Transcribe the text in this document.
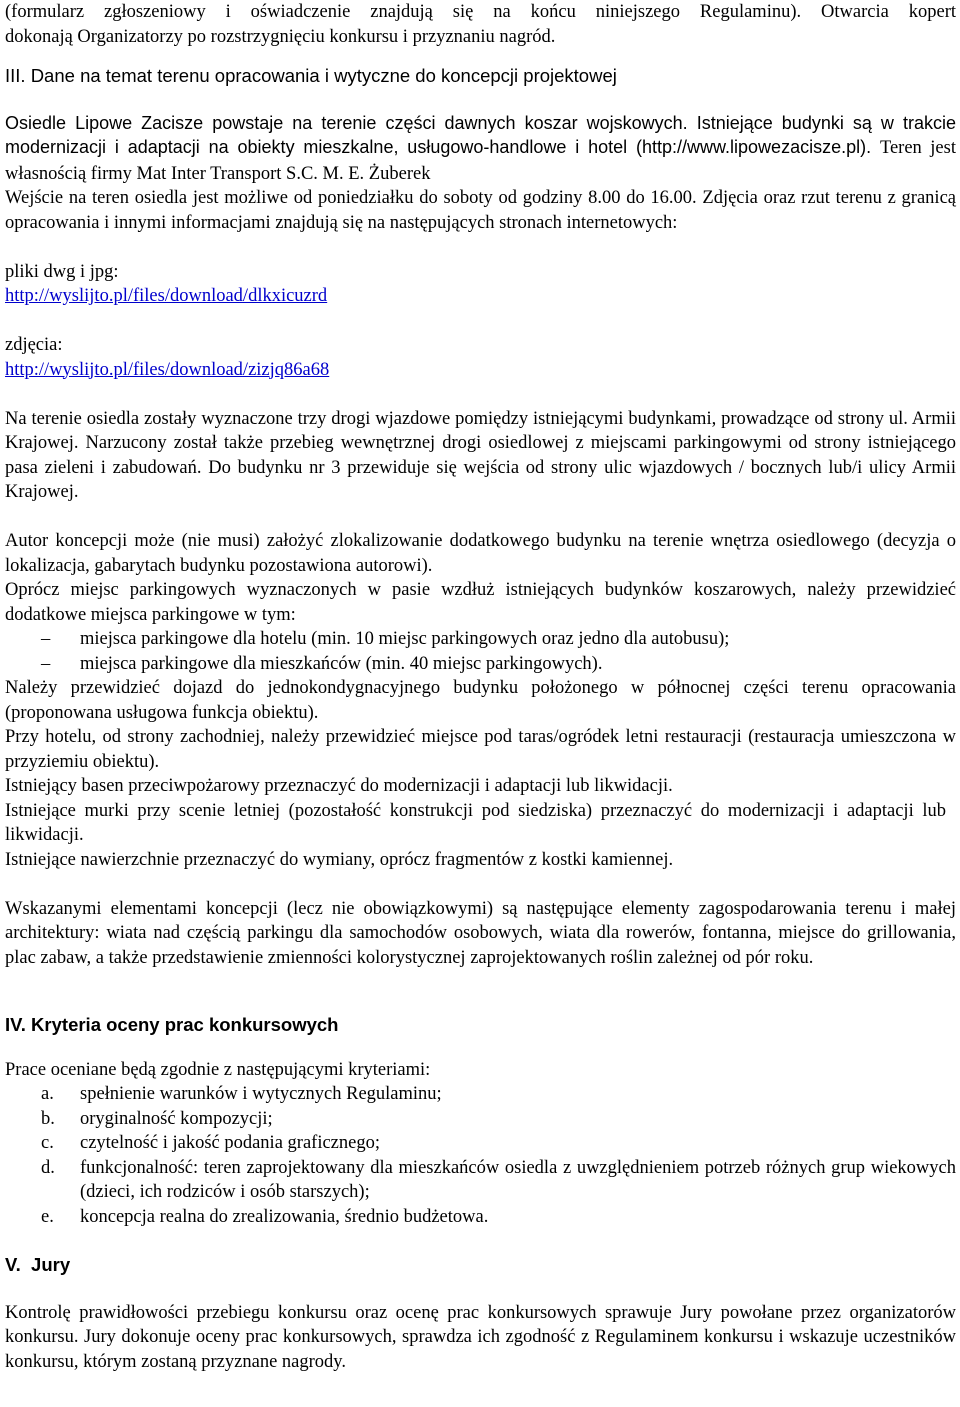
(formularz zgłoszeniowy i oświadczenie znajdują się na końcu niniejszego Regulaminu). Otwarcia kopert

dokonają Organizatorzy po rozstrzygnięciu konkursu i przyznaniu nagród.

III. Dane na temat terenu opracowania i wytyczne do koncepcji projektowej

Osiedle Lipowe Zacisze powstaje na terenie części dawnych koszar wojskowych. Istniejące budynki są w trakcie modernizacji i adaptacji na obiekty mieszkalne, usługowo-handlowe i hotel (http://www.lipowezacisze.pl). Teren jest własnością firmy Mat Inter Transport S.C. M. E. Żuberek

Wejście na teren osiedla jest możliwe od poniedziałku do soboty od godziny 8.00 do 16.00. Zdjęcia oraz rzut terenu z granicą opracowania i innymi informacjami znajdują się na następujących stronach internetowych:

pliki dwg i jpg:

http://wyslijto.pl/files/download/dlkxicuzrd

zdjęcia:

http://wyslijto.pl/files/download/zizjq86a68

Na terenie osiedla zostały wyznaczone trzy drogi wjazdowe pomiędzy istniejącymi budynkami, prowadzące od strony ul. Armii Krajowej. Narzucony został także przebieg wewnętrznej drogi osiedlowej z miejscami parkingowymi od strony istniejącego pasa zieleni i zabudowań. Do budynku nr 3 przewiduje się wejścia od strony ulic wjazdowych / bocznych lub/i ulicy Armii Krajowej.

Autor koncepcji może (nie musi) założyć zlokalizowanie dodatkowego budynku na terenie wnętrza osiedlowego (decyzja o lokalizacja, gabarytach budynku pozostawiona autorowi).

Oprócz miejsc parkingowych wyznaczonych w pasie wzdłuż istniejących budynków koszarowych, należy przewidzieć dodatkowe miejsca parkingowe w tym:

– miejsca parkingowe dla hotelu (min. 10 miejsc parkingowych oraz jedno dla autobusu);
– miejsca parkingowe dla mieszkańców (min. 40 miejsc parkingowych).

Należy przewidzieć dojazd do jednokondygnacyjnego budynku położonego w północnej części terenu opracowania (proponowana usługowa funkcja obiektu).

Przy hotelu, od strony zachodniej, należy przewidzieć miejsce pod taras/ogródek letni restauracji (restauracja umieszczona w przyziemiu obiektu).

Istniejący basen przeciwpożarowy przeznaczyć do modernizacji i adaptacji lub likwidacji.

Istniejące murki przy scenie letniej (pozostałość konstrukcji pod siedziska) przeznaczyć do modernizacji i adaptacji lub likwidacji.

Istniejące nawierzchnie przeznaczyć do wymiany, oprócz fragmentów z kostki kamiennej.

Wskazanymi elementami koncepcji (lecz nie obowiązkowymi) są następujące elementy zagospodarowania terenu i małej architektury: wiata nad częścią parkingu dla samochodów osobowych, wiata dla rowerów, fontanna, miejsce do grillowania, plac zabaw, a także przedstawienie zmienności kolorystycznej zaprojektowanych roślin zależnej od pór roku.

IV. Kryteria oceny prac konkursowych

Prace oceniane będą zgodnie z następującymi kryteriami:

a. spełnienie warunków i wytycznych Regulaminu;
b. oryginalność kompozycji;
c. czytelność i jakość podania graficznego;
d. funkcjonalność: teren zaprojektowany dla mieszkańców osiedla z uwzględnieniem potrzeb różnych grup wiekowych (dzieci, ich rodziców i osób starszych);
e. koncepcja realna do zrealizowania, średnio budżetowa.

V.  Jury

Kontrolę prawidłowości przebiegu konkursu oraz ocenę prac konkursowych sprawuje Jury powołane przez organizatorów konkursu. Jury dokonuje oceny prac konkursowych, sprawdza ich zgodność z Regulaminem konkursu i wskazuje uczestników konkursu, którym zostaną przyznane nagrody.
